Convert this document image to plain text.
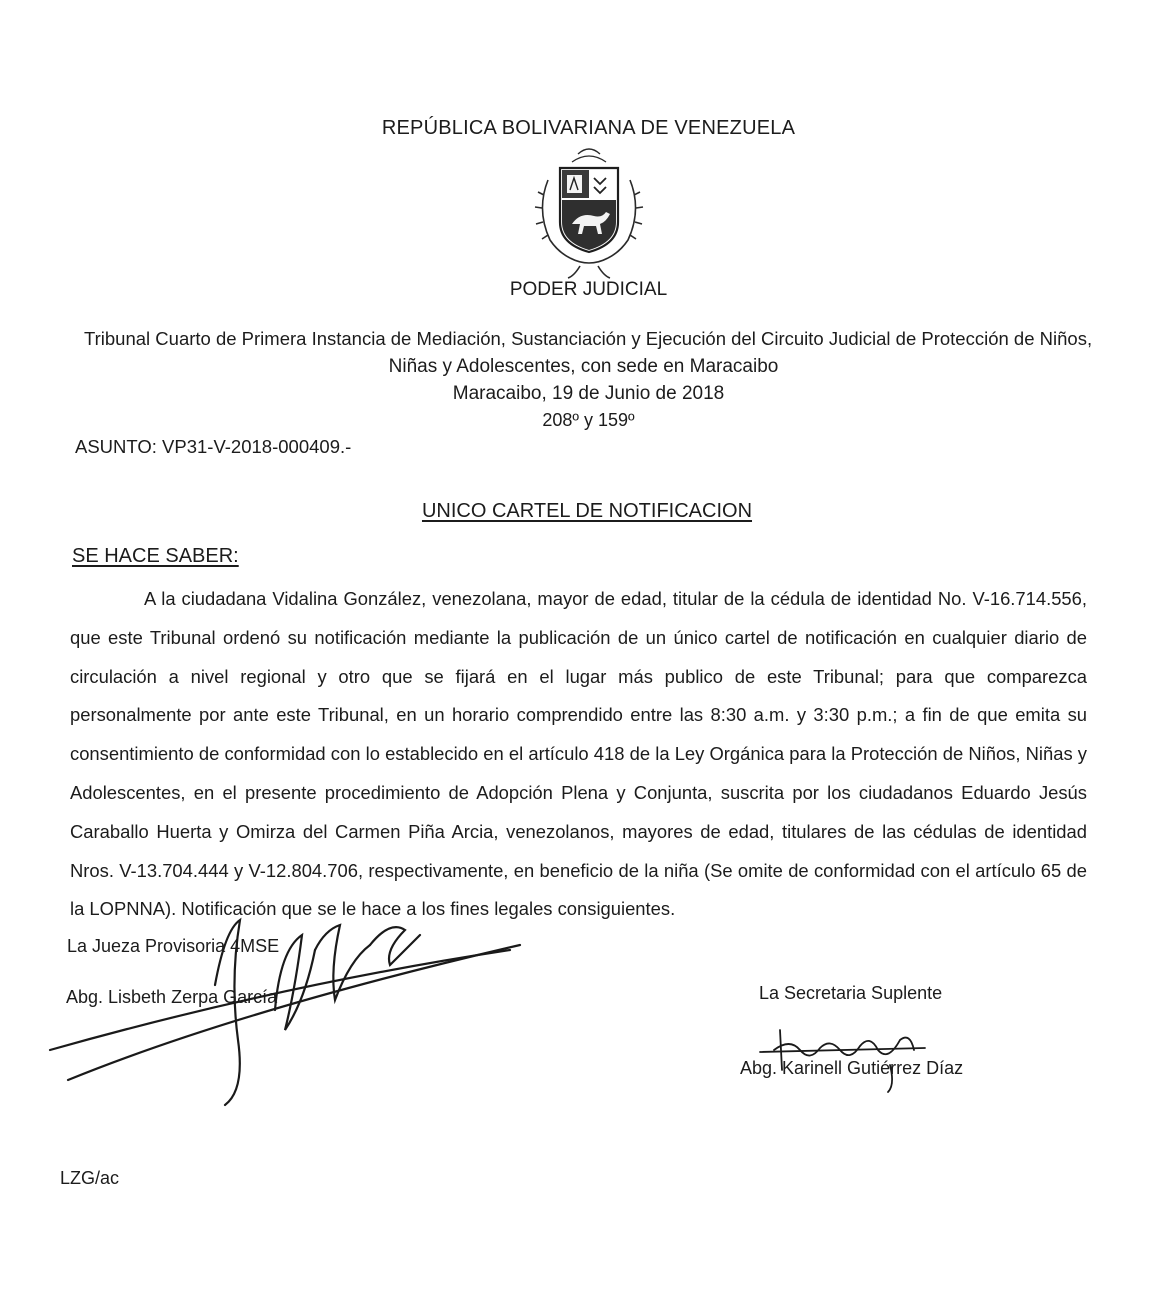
REPÚBLICA BOLIVARIANA DE VENEZUELA
PODER JUDICIAL
Tribunal Cuarto de Primera Instancia de Mediación, Sustanciación y Ejecución del Circuito Judicial de Protección de Niños,
Niñas y Adolescentes, con sede en Maracaibo
Maracaibo, 19 de Junio de 2018
208º y 159º
ASUNTO: VP31-V-2018-000409.-
UNICO CARTEL DE NOTIFICACION
SE HACE SABER:

A la ciudadana Vidalina González, venezolana, mayor de edad, titular de la cédula de identidad No. V-16.714.556, que este Tribunal ordenó su notificación mediante la publicación de un único cartel de notificación en cualquier diario de circulación a nivel regional y otro que se fijará en el lugar más publico de este Tribunal; para que comparezca personalmente por ante este Tribunal, en un horario comprendido entre las 8:30 a.m. y 3:30 p.m.; a fin de que emita su consentimiento de conformidad con lo establecido en el artículo 418 de la Ley Orgánica para la Protección de Niños, Niñas y Adolescentes, en el presente procedimiento de Adopción Plena y Conjunta, suscrita por los ciudadanos Eduardo Jesús Caraballo Huerta y Omirza del Carmen Piña Arcia, venezolanos, mayores de edad, titulares de las cédulas de identidad Nros. V-13.704.444 y V-12.804.706, respectivamente, en beneficio de la niña (Se omite de conformidad con el artículo 65 de la LOPNNA). Notificación que se le hace a los fines legales consiguientes.

La Jueza Provisoria 4MSE
Abg. Lisbeth Zerpa García	La Secretaria Suplente
Abg. Karinell Gutiérrez Díaz
LZG/ac
